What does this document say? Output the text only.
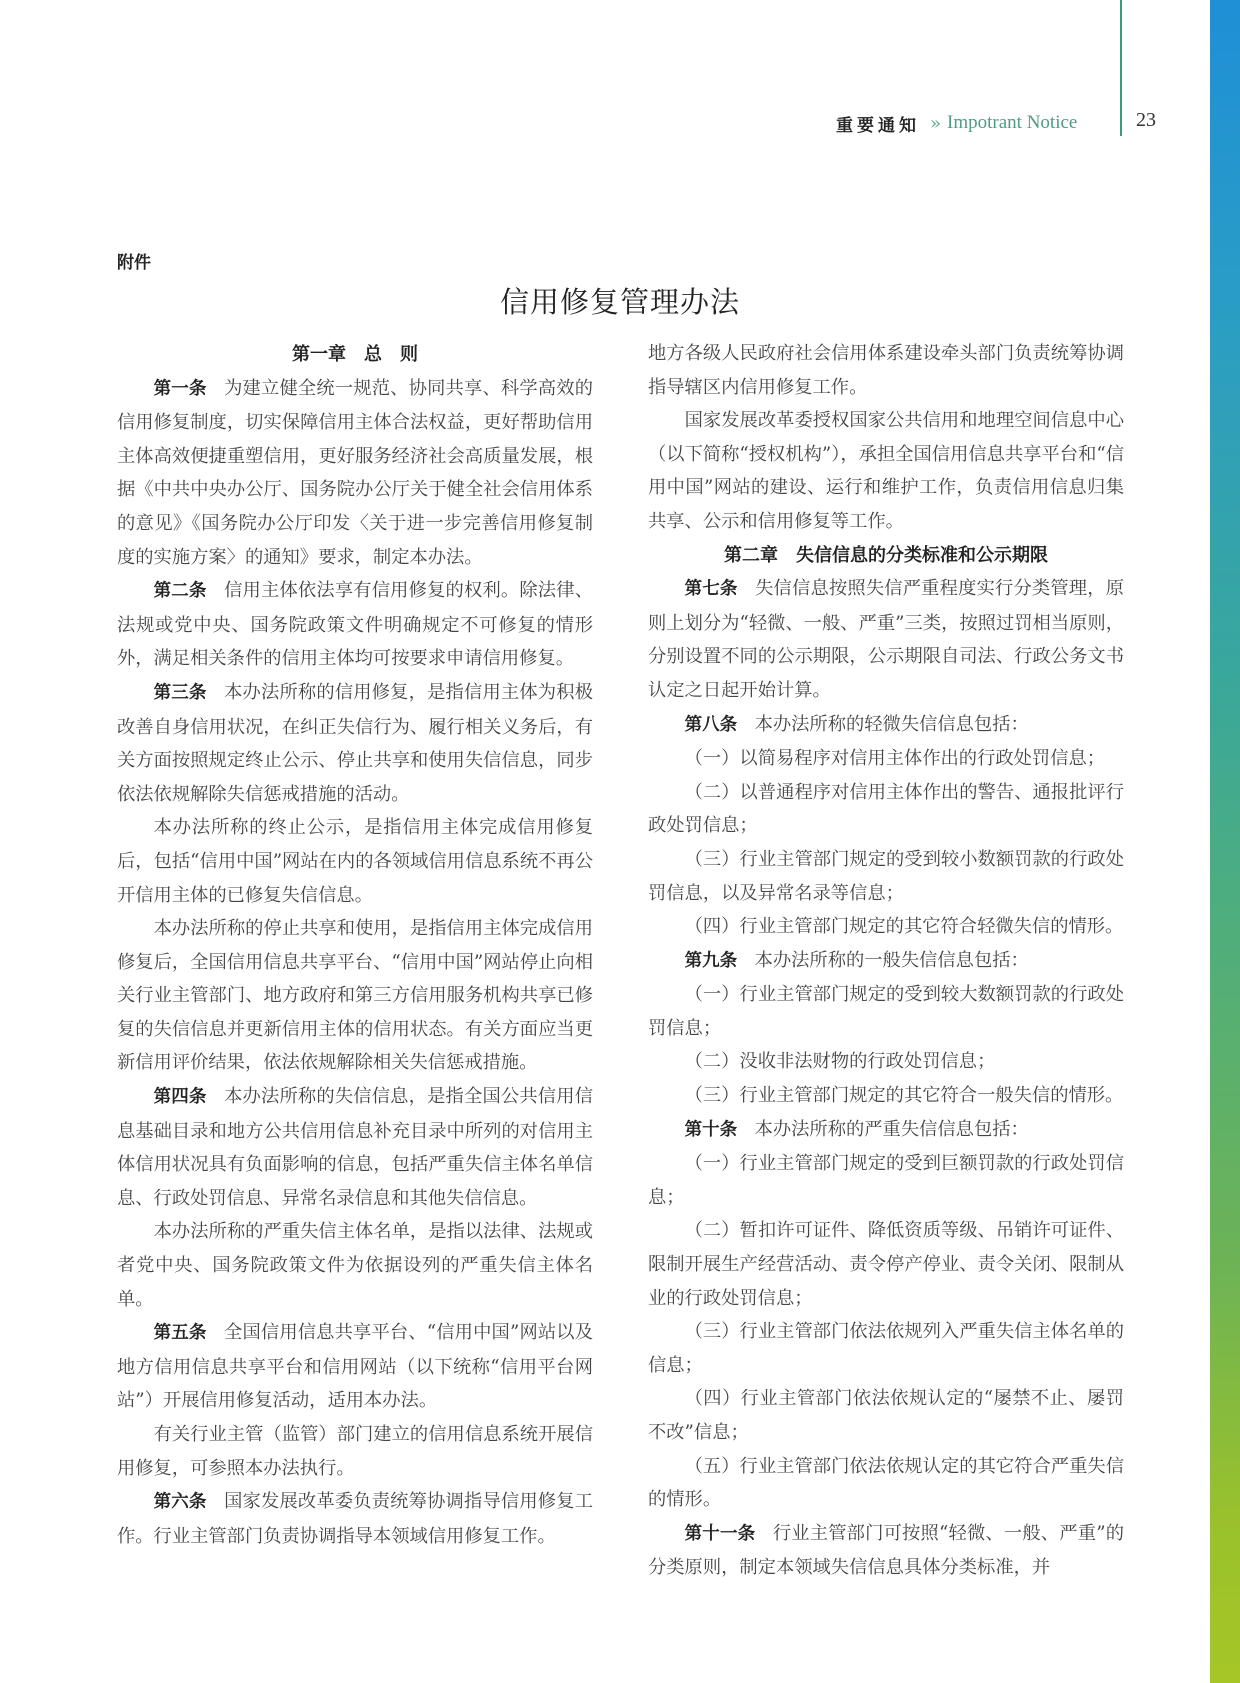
重要通知 » Impotrant Notice	23
附件
信用修复管理办法

第一章　总　则

第一条 为建立健全统一规范、协同共享、科学高效的信用修复制度，切实保障信用主体合法权益，更好帮助信用主体高效便捷重塑信用，更好服务经济社会高质量发展，根据《中共中央办公厅、国务院办公厅关于健全社会信用体系的意见》《国务院办公厅印发〈关于进一步完善信用修复制度的实施方案〉的通知》要求，制定本办法。

第二条 信用主体依法享有信用修复的权利。除法律、法规或党中央、国务院政策文件明确规定不可修复的情形外，满足相关条件的信用主体均可按要求申请信用修复。

第三条 本办法所称的信用修复，是指信用主体为积极改善自身信用状况，在纠正失信行为、履行相关义务后，有关方面按照规定终止公示、停止共享和使用失信信息，同步依法依规解除失信惩戒措施的活动。

本办法所称的终止公示，是指信用主体完成信用修复后，包括“信用中国”网站在内的各领域信用信息系统不再公开信用主体的已修复失信信息。

本办法所称的停止共享和使用，是指信用主体完成信用修复后，全国信用信息共享平台、“信用中国”网站停止向相关行业主管部门、地方政府和第三方信用服务机构共享已修复的失信信息并更新信用主体的信用状态。有关方面应当更新信用评价结果，依法依规解除相关失信惩戒措施。

第四条 本办法所称的失信信息，是指全国公共信用信息基础目录和地方公共信用信息补充目录中所列的对信用主体信用状况具有负面影响的信息，包括严重失信主体名单信息、行政处罚信息、异常名录信息和其他失信信息。

本办法所称的严重失信主体名单，是指以法律、法规或者党中央、国务院政策文件为依据设列的严重失信主体名单。

第五条 全国信用信息共享平台、“信用中国”网站以及地方信用信息共享平台和信用网站（以下统称“信用平台网站”）开展信用修复活动，适用本办法。

有关行业主管（监管）部门建立的信用信息系统开展信用修复，可参照本办法执行。

第六条 国家发展改革委负责统筹协调指导信用修复工作。行业主管部门负责协调指导本领域信用修复工作。

地方各级人民政府社会信用体系建设牵头部门负责统筹协调指导辖区内信用修复工作。

国家发展改革委授权国家公共信用和地理空间信息中心（以下简称“授权机构”），承担全国信用信息共享平台和“信用中国”网站的建设、运行和维护工作，负责信用信息归集共享、公示和信用修复等工作。

第二章　失信信息的分类标准和公示期限

第七条 失信信息按照失信严重程度实行分类管理，原则上划分为“轻微、一般、严重”三类，按照过罚相当原则，分别设置不同的公示期限，公示期限自司法、行政公务文书认定之日起开始计算。

第八条 本办法所称的轻微失信信息包括：

（一）以简易程序对信用主体作出的行政处罚信息；

（二）以普通程序对信用主体作出的警告、通报批评行政处罚信息；

（三）行业主管部门规定的受到较小数额罚款的行政处罚信息，以及异常名录等信息；

（四）行业主管部门规定的其它符合轻微失信的情形。

第九条 本办法所称的一般失信信息包括：

（一）行业主管部门规定的受到较大数额罚款的行政处罚信息；

（二）没收非法财物的行政处罚信息；

（三）行业主管部门规定的其它符合一般失信的情形。

第十条 本办法所称的严重失信信息包括：

（一）行业主管部门规定的受到巨额罚款的行政处罚信息；

（二）暂扣许可证件、降低资质等级、吊销许可证件、限制开展生产经营活动、责令停产停业、责令关闭、限制从业的行政处罚信息；

（三）行业主管部门依法依规列入严重失信主体名单的信息；

（四）行业主管部门依法依规认定的“屡禁不止、屡罚不改”信息；

（五）行业主管部门依法依规认定的其它符合严重失信的情形。

第十一条 行业主管部门可按照“轻微、一般、严重”的分类原则，制定本领域失信信息具体分类标准，并
